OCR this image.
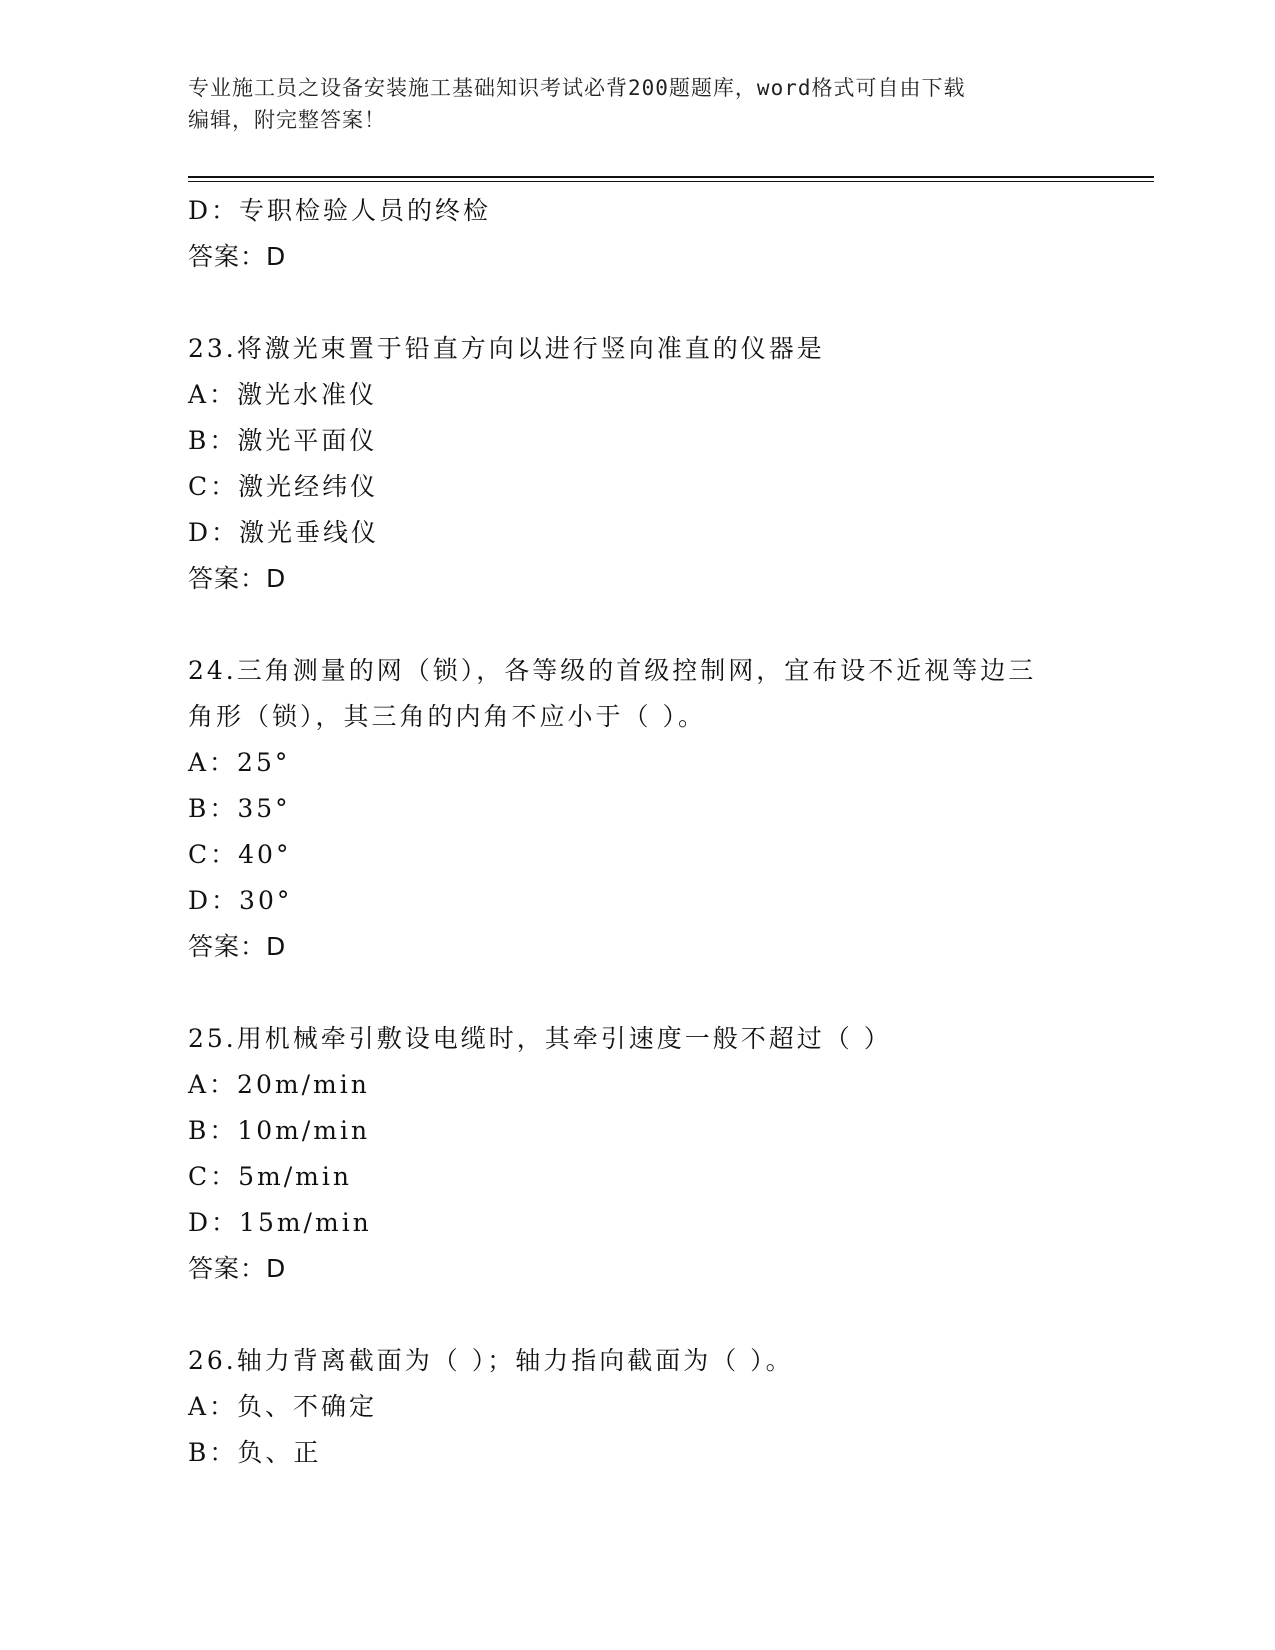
专业施工员之设备安装施工基础知识考试必背200题题库，word格式可自由下载
编辑，附完整答案！
D：专职检验人员的终检
答案：D
23.将激光束置于铅直方向以进行竖向准直的仪器是
A：激光水准仪
B：激光平面仪
C：激光经纬仪
D：激光垂线仪
答案：D
24.三角测量的网（锁），各等级的首级控制网，宜布设不近视等边三
角形（锁），其三角的内角不应小于（ ）。
A：25°
B：35°
C：40°
D：30°
答案：D
25.用机械牵引敷设电缆时，其牵引速度一般不超过（ ）
A：20m/min
B：10m/min
C：5m/min
D：15m/min
答案：D
26.轴力背离截面为（ ）；轴力指向截面为（ ）。
A：负、不确定
B：负、正
